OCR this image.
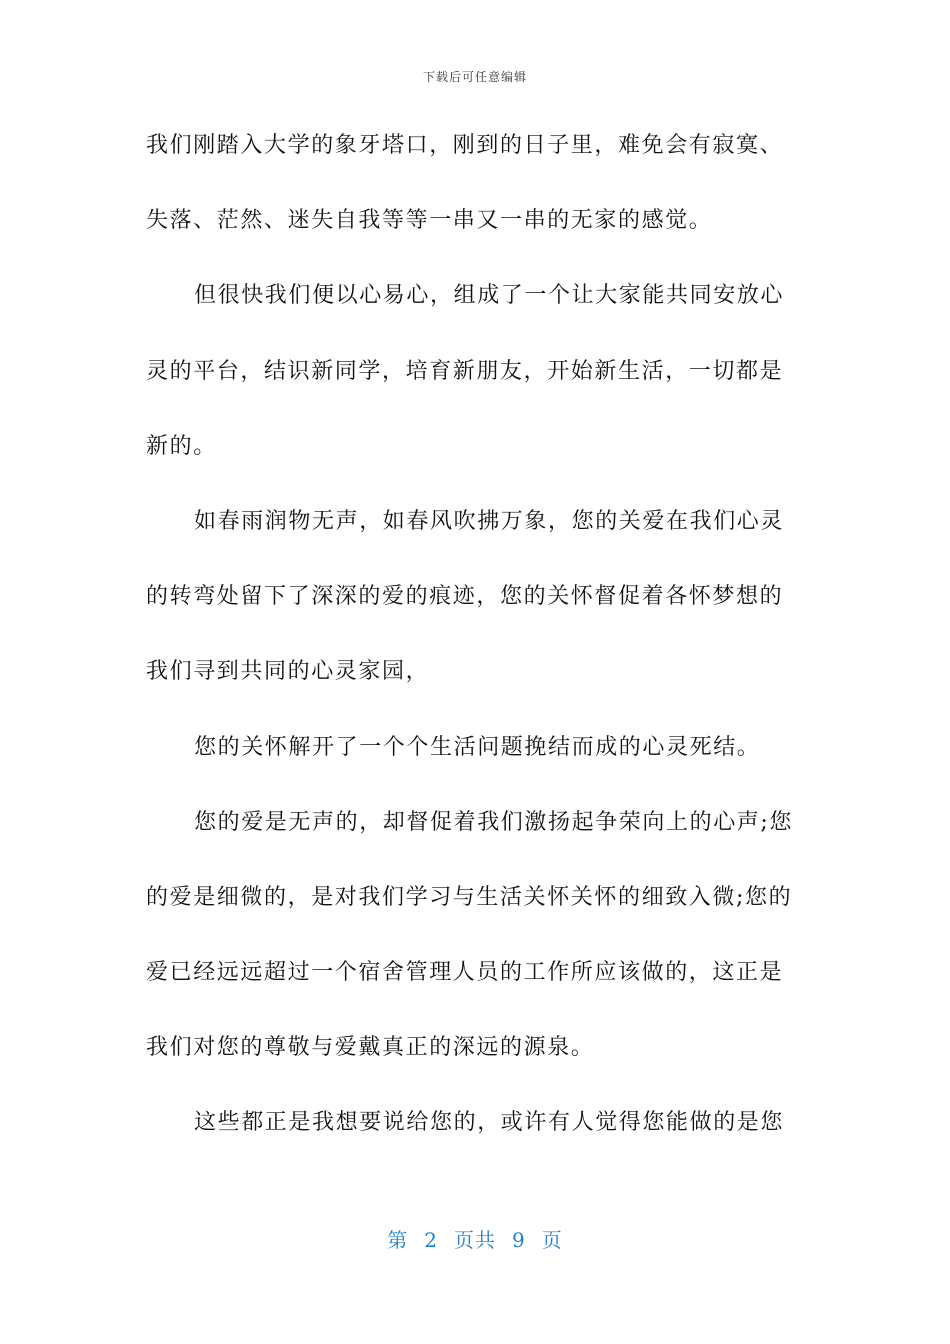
下载后可任意编辑

我们刚踏入大学的象牙塔口，刚到的日子里，难免会有寂寞、

失落、茫然、迷失自我等等一串又一串的无家的感觉。

但很快我们便以心易心，组成了一个让大家能共同安放心

灵的平台，结识新同学，培育新朋友，开始新生活，一切都是

新的。

如春雨润物无声，如春风吹拂万象，您的关爱在我们心灵

的转弯处留下了深深的爱的痕迹，您的关怀督促着各怀梦想的

我们寻到共同的心灵家园，

您的关怀解开了一个个生活问题挽结而成的心灵死结。

您的爱是无声的，却督促着我们激扬起争荣向上的心声;您

的爱是细微的，是对我们学习与生活关怀关怀的细致入微;您的

爱已经远远超过一个宿舍管理人员的工作所应该做的，这正是

我们对您的尊敬与爱戴真正的深远的源泉。

这些都正是我想要说给您的，或许有人觉得您能做的是您

第 2 页共 9 页
